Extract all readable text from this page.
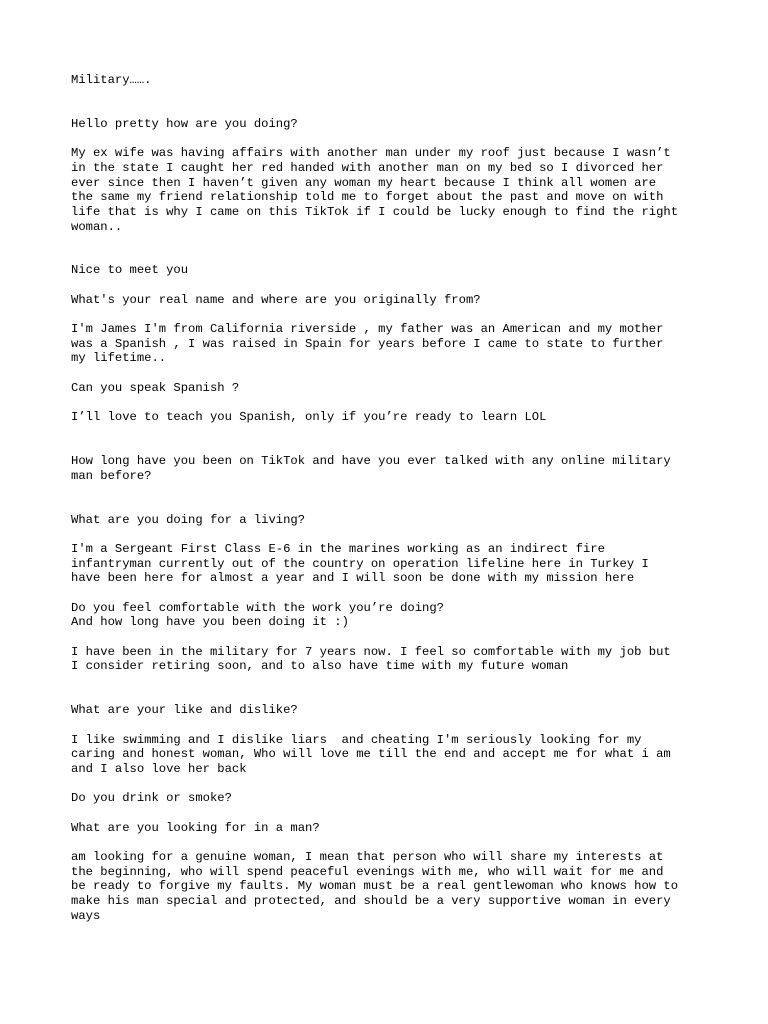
Military…….

Hello pretty how are you doing?

My ex wife was having affairs with another man under my roof just because I wasn’t

in the state I caught her red handed with another man on my bed so I divorced her

ever since then I haven’t given any woman my heart because I think all women are

the same my friend relationship told me to forget about the past and move on with

life that is why I came on this TikTok if I could be lucky enough to find the right

woman..

Nice to meet you

What's your real name and where are you originally from?

I'm James I'm from California riverside , my father was an American and my mother

was a Spanish , I was raised in Spain for years before I came to state to further

my lifetime..

Can you speak Spanish ?

I’ll love to teach you Spanish, only if you’re ready to learn LOL

How long have you been on TikTok and have you ever talked with any online military

man before?

What are you doing for a living?

I'm a Sergeant First Class E-6 in the marines working as an indirect fire

infantryman currently out of the country on operation lifeline here in Turkey I

have been here for almost a year and I will soon be done with my mission here

Do you feel comfortable with the work you’re doing?

And how long have you been doing it :)

I have been in the military for 7 years now. I feel so comfortable with my job but

I consider retiring soon, and to also have time with my future woman

What are your like and dislike?

I like swimming and I dislike liars  and cheating I'm seriously looking for my

caring and honest woman, Who will love me till the end and accept me for what i am

and I also love her back

Do you drink or smoke?

What are you looking for in a man?

am looking for a genuine woman, I mean that person who will share my interests at

the beginning, who will spend peaceful evenings with me, who will wait for me and

be ready to forgive my faults. My woman must be a real gentlewoman who knows how to

make his man special and protected, and should be a very supportive woman in every

ways
